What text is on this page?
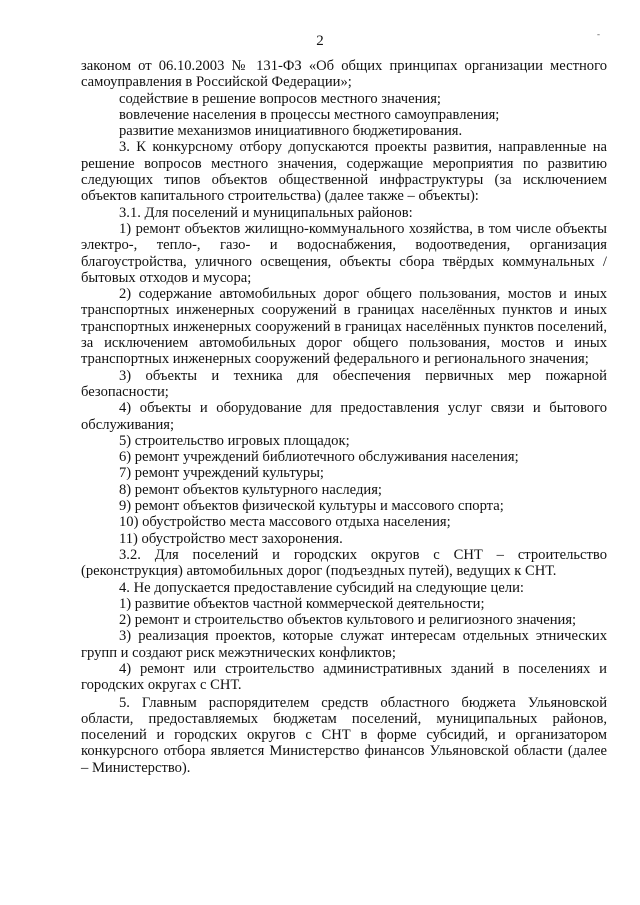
2	-

законом от 06.10.2003 № 131-ФЗ «Об общих принципах организации местного самоуправления в Российской Федерации»;

содействие в решение вопросов местного значения;

вовлечение населения в процессы местного самоуправления;

развитие механизмов инициативного бюджетирования.

3. К конкурсному отбору допускаются проекты развития, направленные на решение вопросов местного значения, содержащие мероприятия по развитию следующих типов объектов общественной инфраструктуры (за исключением объектов капитального строительства) (далее также – объекты):

3.1. Для поселений и муниципальных районов:

1) ремонт объектов жилищно-коммунального хозяйства, в том числе объекты электро-, тепло-, газо- и водоснабжения, водоотведения, организация благоустройства, уличного освещения, объекты сбора твёрдых коммунальных / бытовых отходов и мусора;

2) содержание автомобильных дорог общего пользования, мостов и иных транспортных инженерных сооружений в границах населённых пунктов и иных транспортных инженерных сооружений в границах населённых пунктов поселений, за исключением автомобильных дорог общего пользования, мостов и иных транспортных инженерных сооружений федерального и регионального значения;

3) объекты и техника для обеспечения первичных мер пожарной безопасности;

4) объекты и оборудование для предоставления услуг связи и бытового обслуживания;

5) строительство игровых площадок;

6) ремонт учреждений библиотечного обслуживания населения;

7) ремонт учреждений культуры;

8) ремонт объектов культурного наследия;

9) ремонт объектов физической культуры и массового спорта;

10) обустройство места массового отдыха населения;

11) обустройство мест захоронения.

3.2. Для поселений и городских округов с СНТ – строительство (реконструкция) автомобильных дорог (подъездных путей), ведущих к СНТ.

4. Не допускается предоставление субсидий на следующие цели:

1) развитие объектов частной коммерческой деятельности;

2) ремонт и строительство объектов культового и религиозного значения;

3) реализация проектов, которые служат интересам отдельных этнических групп и создают риск межэтнических конфликтов;

4) ремонт или строительство административных зданий в поселениях и городских округах с СНТ.

5. Главным распорядителем средств областного бюджета Ульяновской области, предоставляемых бюджетам поселений, муниципальных районов, поселений и городских округов с СНТ в форме субсидий, и организатором конкурсного отбора является Министерство финансов Ульяновской области (далее – Министерство).
